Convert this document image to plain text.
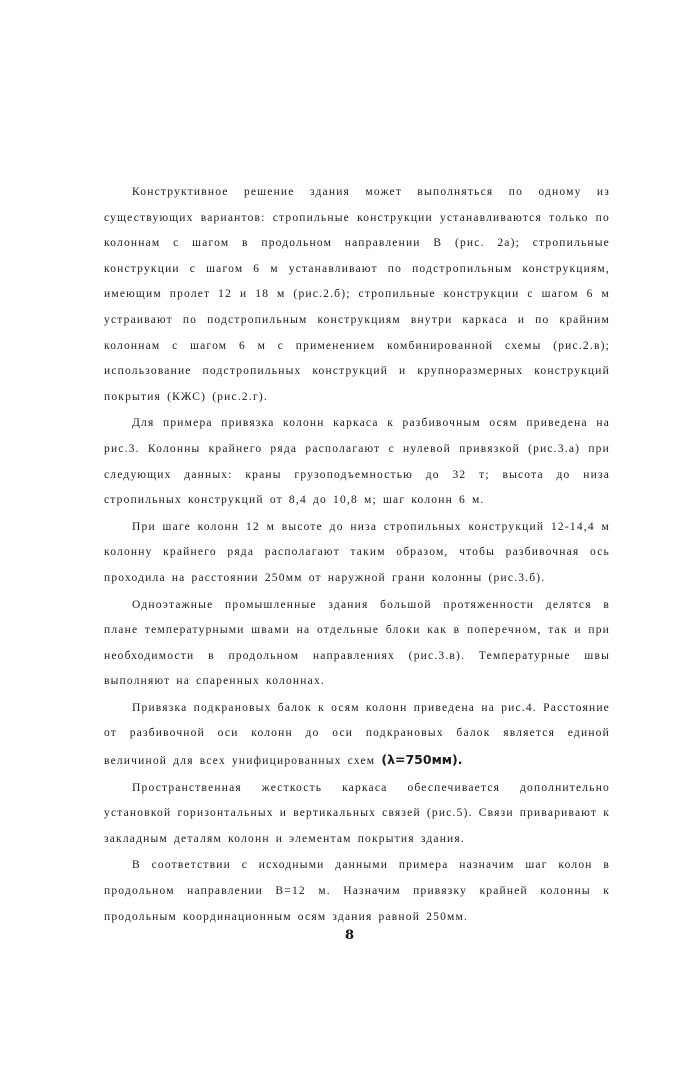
Конструктивное решение здания может выполняться по одному из существующих вариантов: стропильные конструкции устанавливаются только по колоннам с шагом в продольном направлении В (рис. 2а); стропильные конструкции с шагом 6 м устанавливают по подстропильным конструкциям, имеющим пролет 12 и 18 м (рис.2.б); стропильные конструкции с шагом 6 м устраивают по подстропильным конструкциям внутри каркаса и по крайним колоннам с шагом 6 м с применением комбинированной схемы (рис.2.в); использование подстропильных конструкций и крупноразмерных конструкций покрытия (КЖС) (рис.2.г).

Для примера привязка колонн каркаса к разбивочным осям приведена на рис.3. Колонны крайнего ряда располагают с нулевой привязкой (рис.3.а) при следующих данных: краны грузоподъемностью до 32 т; высота до низа стропильных конструкций от 8,4 до 10,8 м; шаг колонн 6 м.

При шаге колонн 12 м высоте до низа стропильных конструкций 12-14,4 м колонну крайнего ряда располагают таким образом, чтобы разбивочная ось проходила на расстоянии 250мм от наружной грани колонны (рис.3.б).

Одноэтажные промышленные здания большой протяженности делятся в плане температурными швами на отдельные блоки как в поперечном, так и при необходимости в продольном направлениях (рис.3.в). Температурные швы выполняют на спаренных колоннах.

Привязка подкрановых балок к осям колонн приведена на рис.4. Расстояние от разбивочной оси колонн до оси подкрановых балок является единой величиной для всех унифицированных схем (λ=750мм).

Пространственная жесткость каркаса обеспечивается дополнительно установкой горизонтальных и вертикальных связей (рис.5). Связи приваривают к закладным деталям колонн и элементам покрытия здания.

В соответствии с исходными данными примера назначим шаг колон в продольном направлении В=12 м. Назначим привязку крайней колонны к продольным координационным осям здания равной 250мм.

8
